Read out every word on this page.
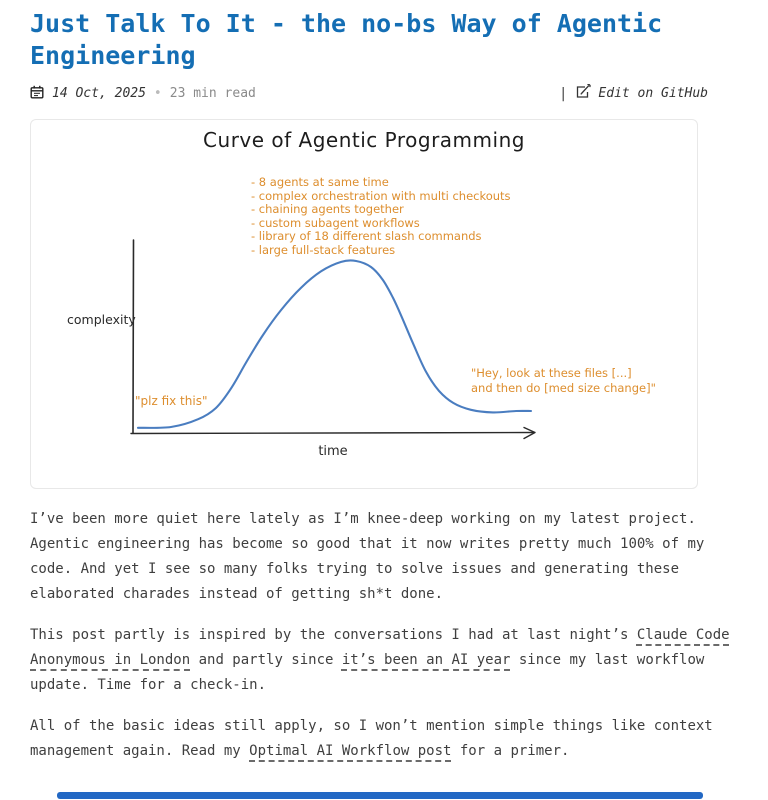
Just Talk To It - the no-bs Way of Agentic Engineering
14 Oct, 2025 • 23 min read	| Edit on GitHub
Curve of Agentic Programming
- 8 agents at same time
- complex orchestration with multi checkouts
- chaining agents together
- custom subagent workflows
- library of 18 different slash commands
- large full-stack features
complexity
time
"plz fix this"
"Hey, look at these files [...]
and then do [med size change]"

I’ve been more quiet here lately as I’m knee-deep working on my latest project. Agentic engineering has become so good that it now writes pretty much 100% of my code. And yet I see so many folks trying to solve issues and generating these elaborated charades instead of getting sh*t done.

This post partly is inspired by the conversations I had at last night’s Claude Code Anonymous in London and partly since it’s been an AI year since my last workflow update. Time for a check-in.

All of the basic ideas still apply, so I won’t mention simple things like context management again. Read my Optimal AI Workflow post for a primer.
